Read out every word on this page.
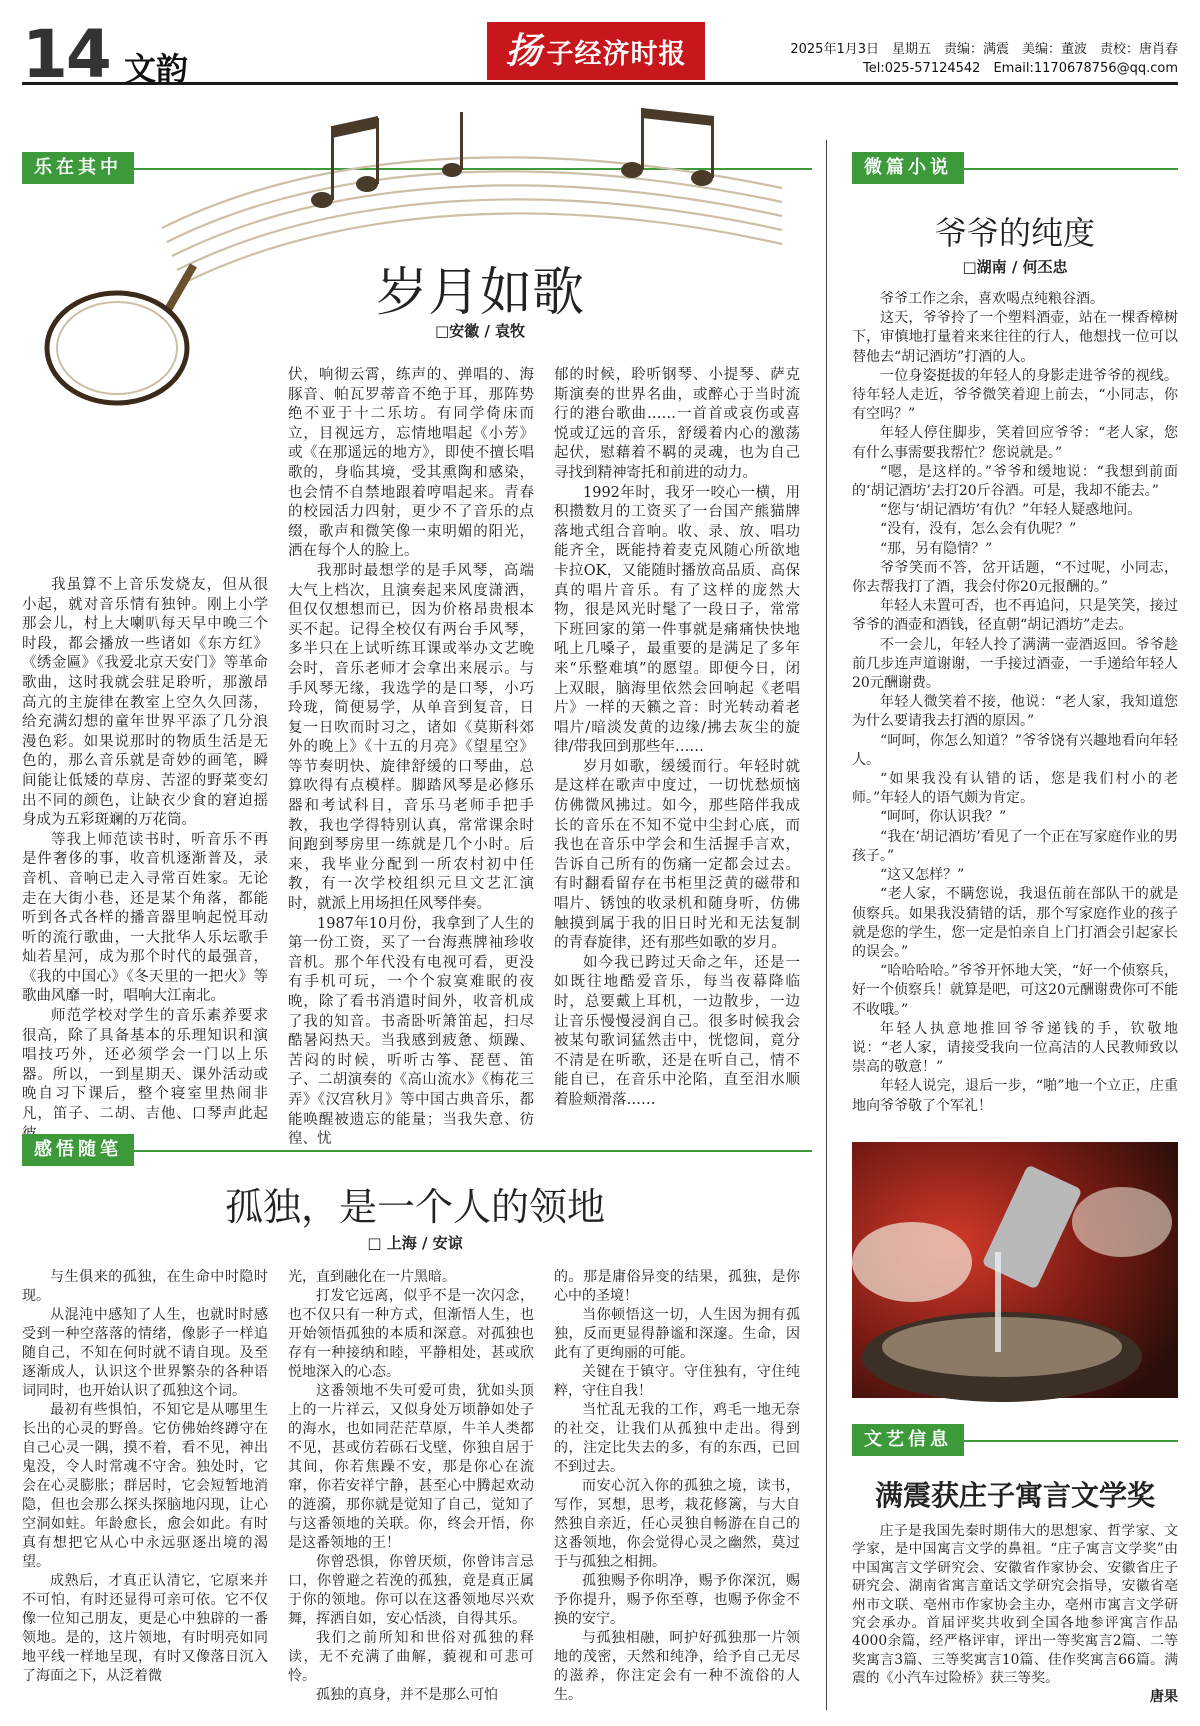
14 文韵	扬 子经济时报	2025年1月3日　星期五　责编：满震　美编：董波　责校：唐肖春
Tel:025-57124542　Email:1170678756@qq.com
乐在其中
岁月如歌
□安徽 / 袁牧

我虽算不上音乐发烧友，但从很小起，就对音乐情有独钟。刚上小学那会儿，村上大喇叭每天早中晚三个时段，都会播放一些诸如《东方红》《绣金匾》《我爱北京天安门》等革命歌曲，这时我就会驻足聆听，那激昂高亢的主旋律在教室上空久久回荡，给充满幻想的童年世界平添了几分浪漫色彩。如果说那时的物质生活是无色的，那么音乐就是奇妙的画笔，瞬间能让低矮的草房、苦涩的野菜变幻出不同的颜色，让缺衣少食的窘迫摇身成为五彩斑斓的万花筒。

等我上师范读书时，听音乐不再是件奢侈的事，收音机逐渐普及，录音机、音响已走入寻常百姓家。无论走在大街小巷，还是某个角落，都能听到各式各样的播音器里响起悦耳动听的流行歌曲，一大批华人乐坛歌手灿若星河，成为那个时代的最强音，《我的中国心》《冬天里的一把火》等歌曲风靡一时，唱响大江南北。

师范学校对学生的音乐素养要求很高，除了具备基本的乐理知识和演唱技巧外，还必须学会一门以上乐器。所以，一到星期天、课外活动或晚自习下课后，整个寝室里热闹非凡，笛子、二胡、吉他、口琴声此起

伏，响彻云霄，练声的、弹唱的、海豚音、帕瓦罗蒂音不绝于耳，那阵势绝不亚于十二乐坊。有同学倚床而立，目视远方，忘情地唱起《小芳》或《在那遥远的地方》，即使不擅长唱歌的，身临其境，受其熏陶和感染，也会情不自禁地跟着哼唱起来。青春的校园活力四射，更少不了音乐的点缀，歌声和微笑像一束明媚的阳光，洒在每个人的脸上。

我那时最想学的是手风琴，高端大气上档次，且演奏起来风度潇洒，但仅仅想想而已，因为价格昂贵根本买不起。记得全校仅有两台手风琴，多半只在上试听练耳课或举办文艺晚会时，音乐老师才会拿出来展示。与手风琴无缘，我选学的是口琴，小巧玲珑，简便易学，从单音到复音，日复一日吹而时习之，诸如《莫斯科郊外的晚上》《十五的月亮》《望星空》等节奏明快、旋律舒缓的口琴曲，总算吹得有点模样。脚踏风琴是必修乐器和考试科目，音乐马老师手把手教，我也学得特别认真，常常课余时间跑到琴房里一练就是几个小时。后来，我毕业分配到一所农村初中任教，有一次学校组织元旦文艺汇演时，就派上用场担任风琴伴奏。

1987年10月份，我拿到了人生的第一份工资，买了一台海燕牌袖珍收音机。那个年代没有电视可看，更没有手机可玩，一个个寂寞难眠的夜晚，除了看书消遣时间外，收音机成了我的知音。书斋卧听箫笛起，扫尽酷暑闷热天。当我感到疲惫、烦躁、苦闷的时候，听听古筝、琵琶、笛子、二胡演奏的《高山流水》《梅花三弄》《汉宫秋月》等中国古典音乐，都能唤醒被遗忘的能量；当我失意、彷徨、忧

郁的时候，聆听钢琴、小提琴、萨克斯演奏的世界名曲，或醉心于当时流行的港台歌曲……一首首或哀伤或喜悦或辽远的音乐，舒缓着内心的激荡起伏，慰藉着不羁的灵魂，也为自己寻找到精神寄托和前进的动力。

1992年时，我牙一咬心一横，用积攒数月的工资买了一台国产熊猫牌落地式组合音响。收、录、放、唱功能齐全，既能持着麦克风随心所欲地卡拉OK，又能随时播放高品质、高保真的唱片音乐。有了这样的庞然大物，很是风光时髦了一段日子，常常下班回家的第一件事就是痛痛快快地吼上几嗓子，最重要的是满足了多年来“乐整难填”的愿望。即便今日，闭上双眼，脑海里依然会回响起《老唱片》一样的天籁之音：时光转动着老唱片/暗淡发黄的边缘/拂去灰尘的旋律/带我回到那些年……

岁月如歌，缓缓而行。年轻时就是这样在歌声中度过，一切忧愁烦恼仿佛微风拂过。如今，那些陪伴我成长的音乐在不知不觉中尘封心底，而我也在音乐中学会和生活握手言欢，告诉自己所有的伤痛一定都会过去。有时翻看留存在书柜里泛黄的磁带和唱片、锈蚀的收录机和随身听，仿佛触摸到属于我的旧日时光和无法复制的青春旋律，还有那些如歌的岁月。

如今我已跨过天命之年，还是一如既往地酷爱音乐，每当夜幕降临时，总要戴上耳机，一边散步，一边让音乐慢慢浸润自己。很多时候我会被某句歌词猛然击中，恍惚间，竟分不清是在听歌，还是在听自己，情不能自已，在音乐中沦陷，直至泪水顺着脸颊滑落……

微篇小说
爷爷的纯度
□湖南 / 何丕忠

爷爷工作之余，喜欢喝点纯粮谷酒。

这天，爷爷拎了一个塑料酒壶，站在一棵香樟树下，审慎地打量着来来往往的行人，他想找一位可以替他去“胡记酒坊”打酒的人。

一位身姿挺拔的年轻人的身影走进爷爷的视线。待年轻人走近，爷爷微笑着迎上前去，“小同志，你有空吗？”

年轻人停住脚步，笑着回应爷爷：“老人家，您有什么事需要我帮忙？您说就是。”

“嗯，是这样的。”爷爷和缓地说：“我想到前面的‘胡记酒坊’去打20斤谷酒。可是，我却不能去。”

“您与‘胡记酒坊’有仇？”年轻人疑惑地问。

“没有，没有，怎么会有仇呢？”

“那，另有隐情？”

爷爷笑而不答，岔开话题，“不过呢，小同志，你去帮我打了酒，我会付你20元报酬的。”

年轻人未置可否，也不再追问，只是笑笑，接过爷爷的酒壶和酒钱，径直朝“胡记酒坊”走去。

不一会儿，年轻人拎了满满一壶酒返回。爷爷趁前几步连声道谢谢，一手接过酒壶，一手递给年轻人20元酬谢费。

年轻人微笑着不接，他说：“老人家，我知道您为什么要请我去打酒的原因。”

“呵呵，你怎么知道？”爷爷饶有兴趣地看向年轻人。

“如果我没有认错的话，您是我们村小的老师。”年轻人的语气颇为肯定。

“呵呵，你认识我？”

“我在‘胡记酒坊’看见了一个正在写家庭作业的男孩子。”

“这又怎样？”

“老人家，不瞒您说，我退伍前在部队干的就是侦察兵。如果我没猜错的话，那个写家庭作业的孩子就是您的学生，您一定是怕亲自上门打酒会引起家长的误会。”

“哈哈哈哈。”爷爷开怀地大笑，“好一个侦察兵，好一个侦察兵！就算是吧，可这20元酬谢费你可不能不收哦。”

年轻人执意地推回爷爷递钱的手，钦敬地说：“老人家，请接受我向一位高洁的人民教师致以崇高的敬意！”

年轻人说完，退后一步，“啪”地一个立正，庄重地向爷爷敬了个军礼！

文艺信息
满震获庄子寓言文学奖

庄子是我国先秦时期伟大的思想家、哲学家、文学家，是中国寓言文学的鼻祖。“庄子寓言文学奖”由中国寓言文学研究会、安徽省作家协会、安徽省庄子研究会、湖南省寓言童话文学研究会指导，安徽省亳州市文联、亳州市作家协会主办，亳州市寓言文学研究会承办。首届评奖共收到全国各地参评寓言作品4000余篇，经严格评审，评出一等奖寓言2篇、二等奖寓言3篇、三等奖寓言10篇、佳作奖寓言66篇。满震的《小汽车过险桥》获三等奖。

唐果
感悟随笔
孤独，是一个人的领地
□ 上海 / 安谅

与生俱来的孤独，在生命中时隐时现。

从混沌中感知了人生，也就时时感受到一种空落落的情绪，像影子一样追随自己，不知在何时就不请自现。及至逐渐成人，认识这个世界繁杂的各种语词同时，也开始认识了孤独这个词。

最初有些惧怕，不知它是从哪里生长出的心灵的野兽。它仿佛始终蹲守在自己心灵一隅，摸不着，看不见，神出鬼没，令人时常魂不守舍。独处时，它会在心灵膨胀；群居时，它会短暂地消隐，但也会那么探头探脑地闪现，让心空洞如蛀。年龄愈长，愈会如此。有时真有想把它从心中永远驱逐出境的渴望。

成熟后，才真正认清它，它原来并不可怕，有时还显得可亲可依。它不仅像一位知己朋友，更是心中独辟的一番领地。是的，这片领地，有时明亮如同地平线一样地呈现，有时又像落日沉入了海面之下，从泛着微

光，直到融化在一片黑暗。

打发它远离，似乎不是一次闪念，也不仅只有一种方式，但渐悟人生，也开始领悟孤独的本质和深意。对孤独也存有一种接纳和睦，平静相处，甚或欣悦地深入的心态。

这番领地不失可爱可贵，犹如头顶上的一片祥云，又似身处万顷静如处子的海水，也如同茫茫草原，牛羊人类都不见，甚或仿若砾石戈壁，你独自居于其间，你若焦躁不安，那是你心在流窜，你若安祥宁静，甚至心中腾起欢动的涟漪，那你就是觉知了自己，觉知了与这番领地的关联。你，终会开悟，你是这番领地的王！

你曾恐惧，你曾厌烦，你曾讳言忌口，你曾避之若浼的孤独，竟是真正属于你的领地。你可以在这番领地尽兴欢舞，挥洒自如，安心恬淡，自得其乐。

我们之前所知和世俗对孤独的释读，无不充满了曲解，藐视和可悲可怜。

孤独的真身，并不是那么可怕

的。那是庸俗异变的结果，孤独，是你心中的圣境！

当你顿悟这一切，人生因为拥有孤独，反而更显得静谧和深邃。生命，因此有了更绚丽的可能。

关键在于镇守。守住独有，守住纯粹，守住自我！

当忙乱无我的工作，鸡毛一地无奈的社交，让我们从孤独中走出。得到的，注定比失去的多，有的东西，已回不到过去。

而安心沉入你的孤独之境，读书，写作，冥想，思考，栽花修篱，与大自然独自亲近，任心灵独自畅游在自己的这番领地，你会觉得心灵之幽然，莫过于与孤独之相拥。

孤独赐予你明净，赐予你深沉，赐予你提升，赐予你至尊，也赐予你金不换的安宁。

与孤独相融，呵护好孤独那一片领地的茂密，天然和纯净，给予自己无尽的滋养，你注定会有一种不流俗的人生。
